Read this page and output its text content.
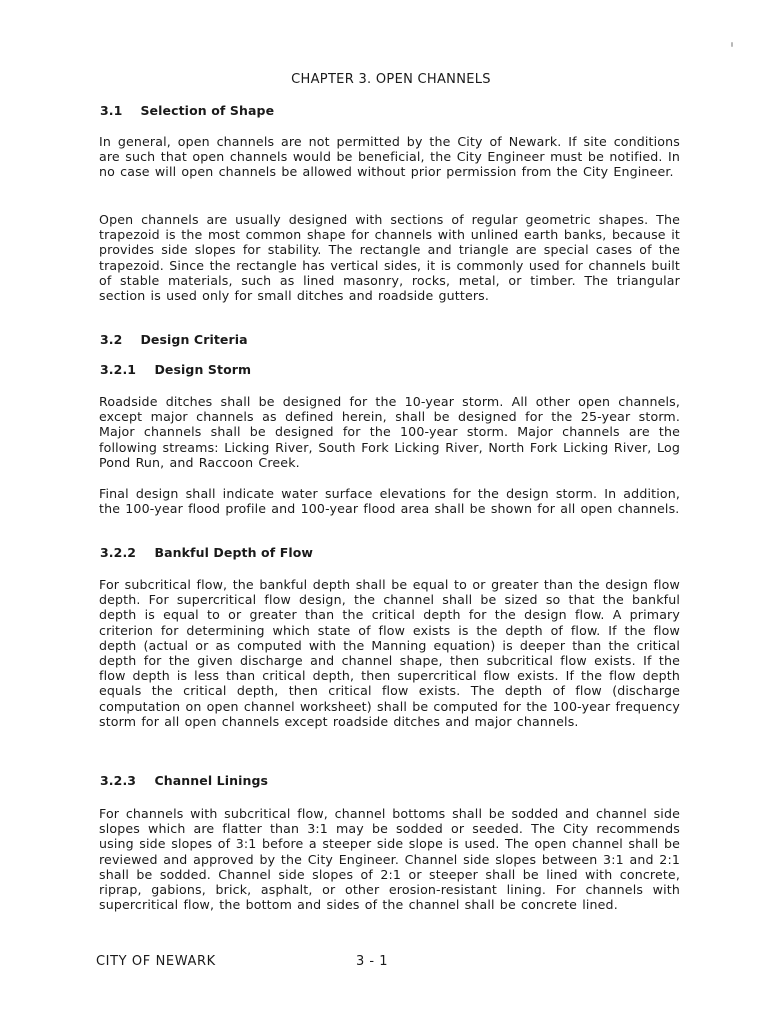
CHAPTER 3. OPEN CHANNELS
3.1 Selection of Shape

In general, open channels are not permitted by the City of Newark. If site conditions are such that open channels would be beneficial, the City Engineer must be notified. In no case will open channels be allowed without prior permission from the City Engineer.

Open channels are usually designed with sections of regular geometric shapes. The trapezoid is the most common shape for channels with unlined earth banks, because it provides side slopes for stability. The rectangle and triangle are special cases of the trapezoid. Since the rectangle has vertical sides, it is commonly used for channels built of stable materials, such as lined masonry, rocks, metal, or timber. The triangular section is used only for small ditches and roadside gutters.

3.2 Design Criteria
3.2.1 Design Storm

Roadside ditches shall be designed for the 10-year storm. All other open channels, except major channels as defined herein, shall be designed for the 25-year storm. Major channels shall be designed for the 100-year storm. Major channels are the following streams: Licking River, South Fork Licking River, North Fork Licking River, Log Pond Run, and Raccoon Creek.

Final design shall indicate water surface elevations for the design storm. In addition, the 100-year flood profile and 100-year flood area shall be shown for all open channels.

3.2.2 Bankful Depth of Flow

For subcritical flow, the bankful depth shall be equal to or greater than the design flow depth. For supercritical flow design, the channel shall be sized so that the bankful depth is equal to or greater than the critical depth for the design flow. A primary criterion for determining which state of flow exists is the depth of flow. If the flow depth (actual or as computed with the Manning equation) is deeper than the critical depth for the given discharge and channel shape, then subcritical flow exists. If the flow depth is less than critical depth, then supercritical flow exists. If the flow depth equals the critical depth, then critical flow exists. The depth of flow (discharge computation on open channel worksheet) shall be computed for the 100-year frequency storm for all open channels except roadside ditches and major channels.

3.2.3 Channel Linings

For channels with subcritical flow, channel bottoms shall be sodded and channel side slopes which are flatter than 3:1 may be sodded or seeded. The City recommends using side slopes of 3:1 before a steeper side slope is used. The open channel shall be reviewed and approved by the City Engineer. Channel side slopes between 3:1 and 2:1 shall be sodded. Channel side slopes of 2:1 or steeper shall be lined with concrete, riprap, gabions, brick, asphalt, or other erosion-resistant lining. For channels with supercritical flow, the bottom and sides of the channel shall be concrete lined.

CITY OF NEWARK	3 - 1
